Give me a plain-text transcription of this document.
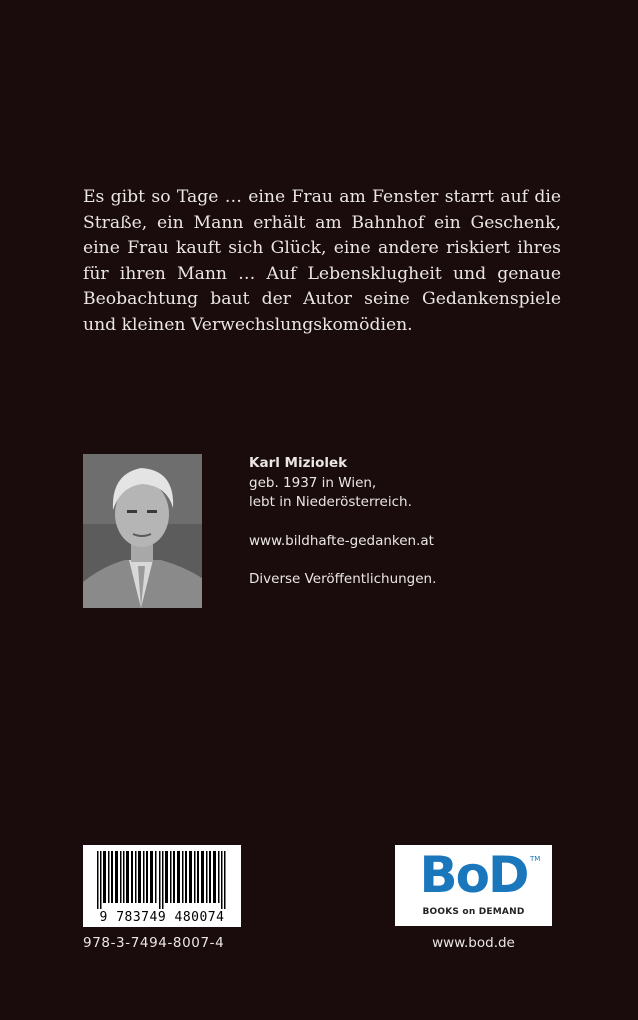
Es gibt so Tage … eine Frau am Fenster starrt auf die Straße, ein Mann erhält am Bahnhof ein Geschenk, eine Frau kauft sich Glück, eine andere riskiert ihres für ihren Mann … Auf Lebensklugheit und genaue Beobachtung baut der Autor seine Gedankenspiele und kleinen Verwechslungskomödien.

Karl Miziolek
geb. 1937 in Wien,
lebt in Niederösterreich.
www.bildhafte-gedanken.at
Diverse Veröffentlichungen.
9 783749 480074
978-3-7494-8007-4
BoD TM
BOOKS on DEMAND
www.bod.de
